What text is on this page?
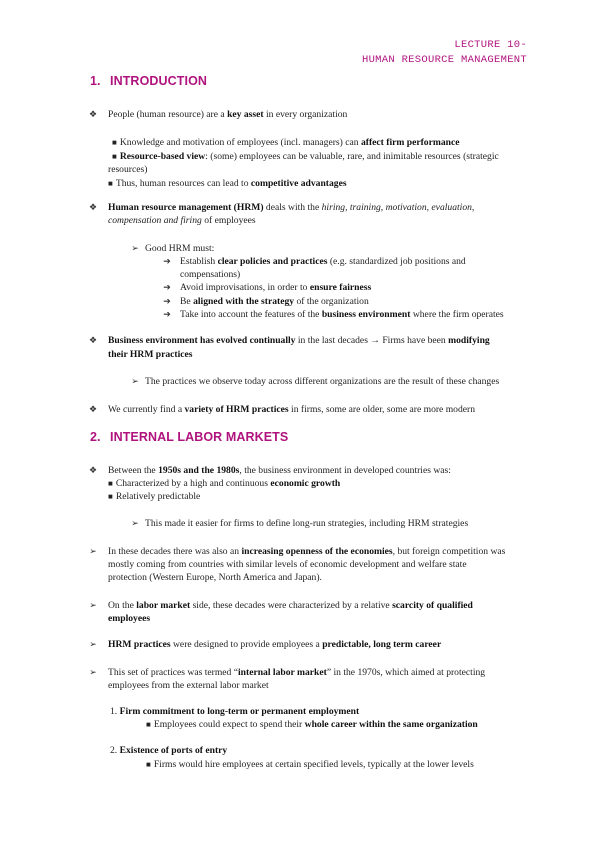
LECTURE 10-
HUMAN RESOURCE MANAGEMENT
1. INTRODUCTION
❖	People (human resource) are a key asset in every organization
■ Knowledge and motivation of employees (incl. managers) can affect firm performance
■ Resource-based view: (some) employees can be valuable, rare, and inimitable resources (strategic
resources)
■ Thus, human resources can lead to competitive advantages
❖	Human resource management (HRM) deals with the hiring, training, motivation, evaluation,
compensation and firing of employees
➢ Good HRM must:
➔ Establish clear policies and practices (e.g. standardized job positions and
compensations)
➔ Avoid improvisations, in order to ensure fairness
➔ Be aligned with the strategy of the organization
➔ Take into account the features of the business environment where the firm operates
❖	Business environment has evolved continually in the last decades → Firms have been modifying
their HRM practices
➢ The practices we observe today across different organizations are the result of these changes
❖	We currently find a variety of HRM practices in firms, some are older, some are more modern
2. INTERNAL LABOR MARKETS
❖	Between the 1950s and the 1980s, the business environment in developed countries was:
■ Characterized by a high and continuous economic growth
■ Relatively predictable
➢ This made it easier for firms to define long-run strategies, including HRM strategies
➢	In these decades there was also an increasing openness of the economies, but foreign competition was
mostly coming from countries with similar levels of economic development and welfare state
protection (Western Europe, North America and Japan).
➢	On the labor market side, these decades were characterized by a relative scarcity of qualified
employees
➢	HRM practices were designed to provide employees a predictable, long term career
➢	This set of practices was termed “internal labor market” in the 1970s, which aimed at protecting
employees from the external labor market
1. Firm commitment to long-term or permanent employment
■ Employees could expect to spend their whole career within the same organization
2. Existence of ports of entry
■ Firms would hire employees at certain specified levels, typically at the lower levels
